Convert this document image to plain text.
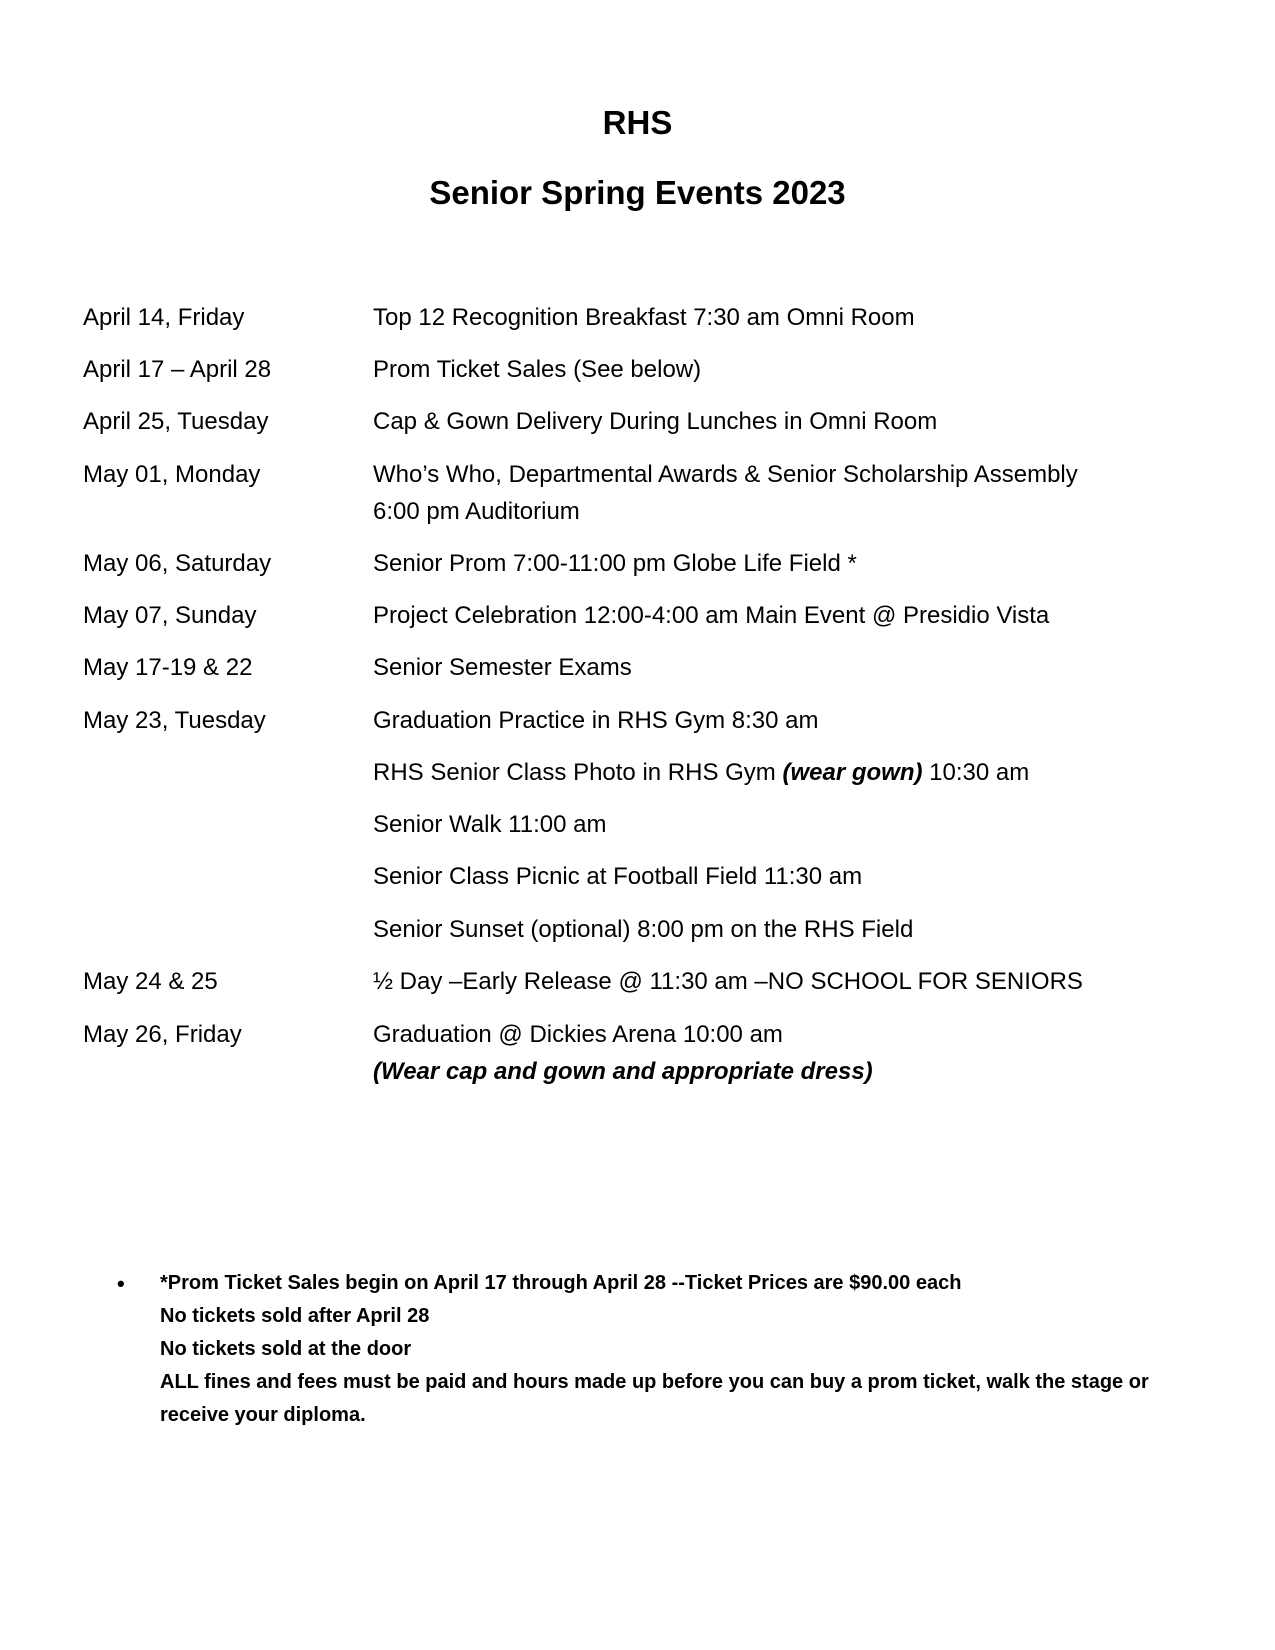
RHS
Senior Spring Events 2023
April 14, Friday	Top 12 Recognition Breakfast 7:30 am Omni Room
April 17 – April 28	Prom Ticket Sales (See below)
April 25, Tuesday	Cap & Gown Delivery During Lunches in Omni Room
May 01, Monday	Who’s Who, Departmental Awards & Senior Scholarship Assembly
6:00 pm Auditorium
May 06, Saturday	Senior Prom 7:00-11:00 pm Globe Life Field *
May 07, Sunday	Project Celebration 12:00-4:00 am Main Event @ Presidio Vista
May 17-19 & 22	Senior Semester Exams
May 23, Tuesday	Graduation Practice in RHS Gym 8:30 am
RHS Senior Class Photo in RHS Gym (wear gown) 10:30 am
Senior Walk 11:00 am
Senior Class Picnic at Football Field 11:30 am
Senior Sunset (optional) 8:00 pm on the RHS Field
May 24 & 25	½ Day –Early Release @ 11:30 am –NO SCHOOL FOR SENIORS
May 26, Friday	Graduation @ Dickies Arena 10:00 am
(Wear cap and gown and appropriate dress)
• *Prom Ticket Sales begin on April 17 through April 28 --Ticket Prices are $90.00 each
No tickets sold after April 28
No tickets sold at the door
ALL fines and fees must be paid and hours made up before you can buy a prom ticket, walk the stage or receive your diploma.
